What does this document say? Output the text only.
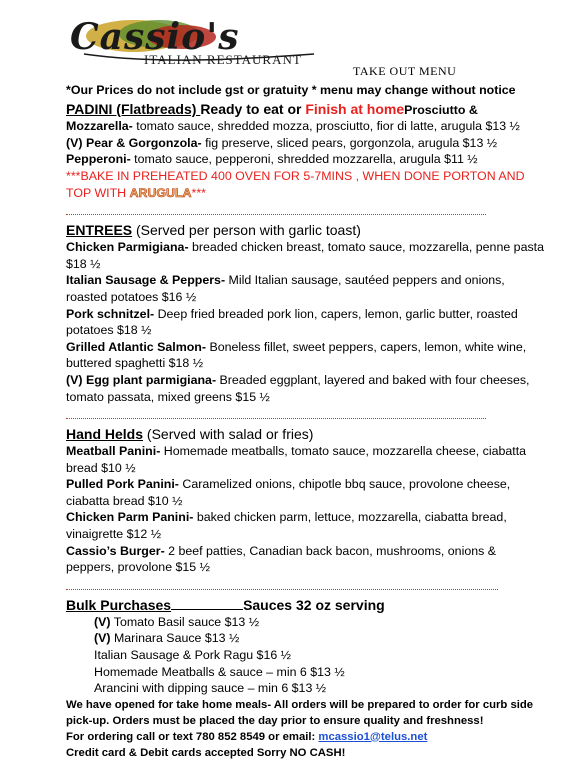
Cassio's
ITALIAN RESTAURANT
TAKE OUT MENU

*Our Prices do not include gst or gratuity * menu may change without notice

PADINI (Flatbreads) Ready to eat or Finish at homeProsciutto & Mozzarella- tomato sauce, shredded mozza, prosciutto, fior di latte, arugula $13 ½

(V) Pear & Gorgonzola- fig preserve, sliced pears, gorgonzola, arugula $13 ½

Pepperoni- tomato sauce, pepperoni, shredded mozzarella, arugula $11 ½

***BAKE IN PREHEATED 400 OVEN FOR 5-7MINS , WHEN DONE PORTON AND
TOP WITH ARUGULA***

ENTREES (Served per person with garlic toast)

Chicken Parmigiana- breaded chicken breast, tomato sauce, mozzarella, penne pasta $18 ½

Italian Sausage & Peppers- Mild Italian sausage, sautéed peppers and onions, roasted potatoes $16 ½

Pork schnitzel- Deep fried breaded pork lion, capers, lemon, garlic butter, roasted potatoes $18 ½

Grilled Atlantic Salmon- Boneless fillet, sweet peppers, capers, lemon, white wine, buttered spaghetti $18 ½

(V) Egg plant parmigiana- Breaded eggplant, layered and baked with four cheeses, tomato passata, mixed greens $15 ½

Hand Helds (Served with salad or fries)

Meatball Panini- Homemade meatballs, tomato sauce, mozzarella cheese, ciabatta bread $10 ½

Pulled Pork Panini- Caramelized onions, chipotle bbq sauce, provolone cheese, ciabatta bread $10 ½

Chicken Parm Panini- baked chicken parm, lettuce, mozzarella, ciabatta bread, vinaigrette $12 ½

Cassio’s Burger- 2 beef patties, Canadian back bacon, mushrooms, onions & peppers, provolone $15 ½

Bulk Purchases	Sauces 32 oz serving

(V) Tomato Basil sauce $13 ½

(V) Marinara Sauce $13 ½

Italian Sausage & Pork Ragu $16 ½

Homemade Meatballs & sauce – min 6 $13 ½

Arancini with dipping sauce – min 6 $13 ½

We have opened for take home meals- All orders will be prepared to order for curb side pick-up. Orders must be placed the day prior to ensure quality and freshness!

For ordering call or text 780 852 8549 or email: mcassio1@telus.net

Credit card & Debit cards accepted Sorry NO CASH!
